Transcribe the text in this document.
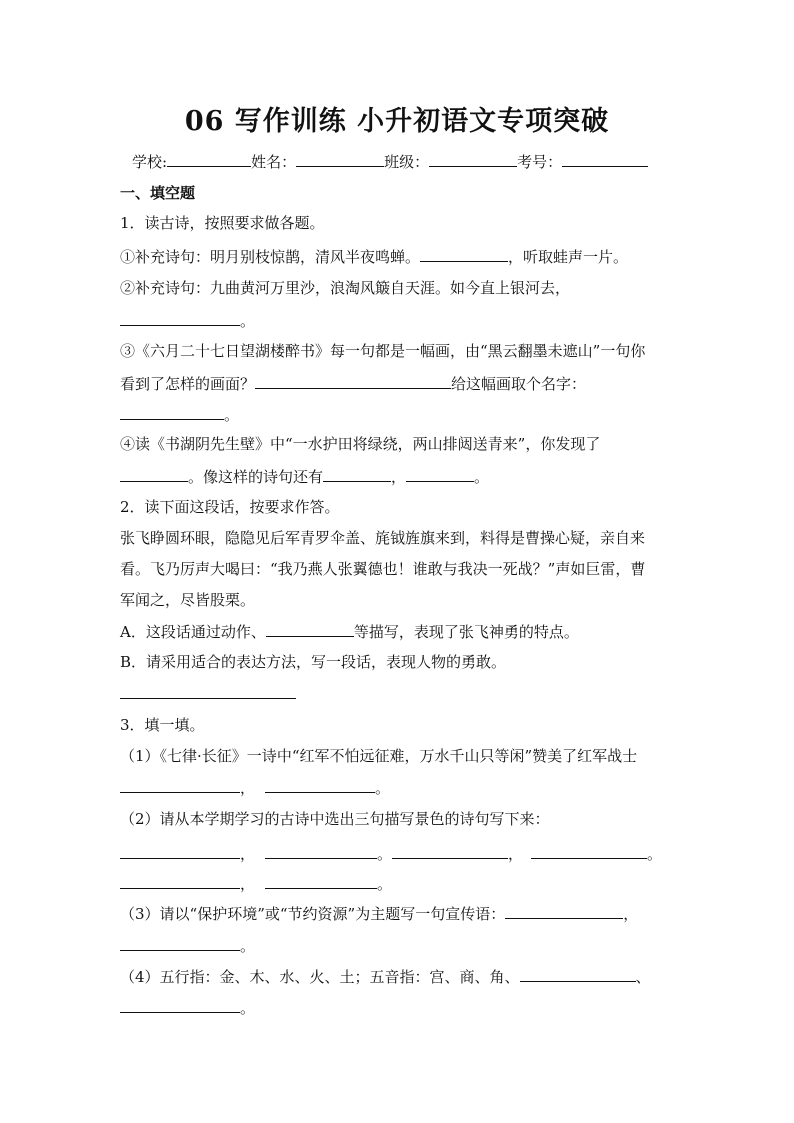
06 写作训练 小升初语文专项突破
学校:	姓名：	班级：	考号：
一、填空题
1．读古诗，按照要求做各题。
①补充诗句：明月别枝惊鹊，清风半夜鸣蝉。	，听取蛙声一片。
②补充诗句：九曲黄河万里沙，浪淘风簸自天涯。如今直上银河去，
。
③《六月二十七日望湖楼醉书》每一句都是一幅画，由“黑云翻墨未遮山”一句你
看到了怎样的画面？	给这幅画取个名字：
。
④读《书湖阴先生壁》中“一水护田将绿绕，两山排闼送青来”，你发现了
。像这样的诗句还有	，	。
2．读下面这段话，按要求作答。
张飞睁圆环眼，隐隐见后军青罗伞盖、旄钺旌旗来到，料得是曹操心疑，亲自来
看。飞乃厉声大喝曰：“我乃燕人张翼德也！谁敢与我决一死战？”声如巨雷，曹
军闻之，尽皆股栗。
A．这段话通过动作、	等描写，表现了张飞神勇的特点。
B．请采用适合的表达方法，写一段话，表现人物的勇敢。
3．填一填。
（1）《七律·长征》一诗中“红军不怕远征难，万水千山只等闲”赞美了红军战士
，	。
（2）请从本学期学习的古诗中选出三句描写景色的诗句写下来：
，	。	，	。
，	。
（3）请以“保护环境”或“节约资源”为主题写一句宣传语：	，
。
（4）五行指：金、木、水、火、土；五音指：宫、商、角、	、
。
